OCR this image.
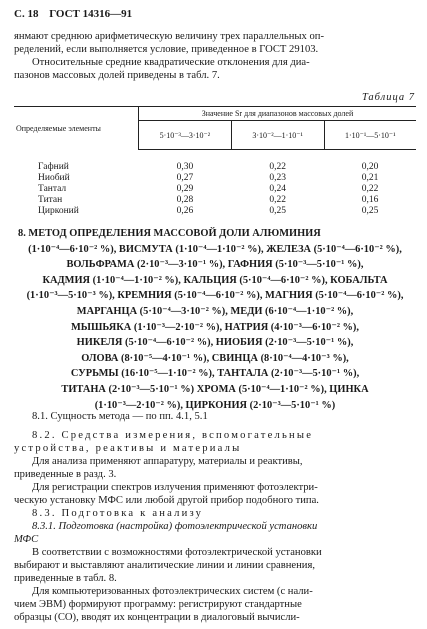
С. 18 ГОСТ 14316—91

янмают среднюю арифметическую величину трех параллельных оп-

ределений, если выполняется условие, приведенное в ГОСТ 29103.

Относительные средние квадратические отклонения для диа-

пазонов массовых долей приведены в табл. 7.

Таблица 7
Определяемые элементы	Значение Sr для диапазонов массовых долей		
	5·10⁻³—3·10⁻²	3·10⁻²—1·10⁻¹	1·10⁻¹—5·10⁻¹

Гафний	0,30	0,22	0,20
Ниобий	0,27	0,23	0,21
Тантал	0,29	0,24	0,22
Титан	0,28	0,22	0,16
Цирконий	0,26	0,25	0,25
8. МЕТОД ОПРЕДЕЛЕНИЯ МАССОВОЙ ДОЛИ АЛЮМИНИЯ
(1·10⁻⁴—6·10⁻² %), ВИСМУТА (1·10⁻⁴—1·10⁻² %), ЖЕЛЕЗА (5·10⁻⁴—6·10⁻² %),
ВОЛЬФРАМА (2·10⁻³—3·10⁻¹ %), ГАФНИЯ (5·10⁻³—5·10⁻¹ %),
КАДМИЯ (1·10⁻⁴—1·10⁻² %), КАЛЬЦИЯ (5·10⁻⁴—6·10⁻² %), КОБАЛЬТА
(1·10⁻³—5·10⁻³ %), КРЕМНИЯ (5·10⁻⁴—6·10⁻² %), МАГНИЯ (5·10⁻⁴—6·10⁻² %),
МАРГАНЦА (5·10⁻⁴—3·10⁻² %), МЕДИ (6·10⁻⁴—1·10⁻² %),
МЫШЬЯКА (1·10⁻³—2·10⁻² %), НАТРИЯ (4·10⁻³—6·10⁻² %),
НИКЕЛЯ (5·10⁻⁴—6·10⁻² %), НИОБИЯ (2·10⁻³—5·10⁻¹ %),
ОЛОВА (8·10⁻⁵—4·10⁻¹ %), СВИНЦА (8·10⁻⁴—4·10⁻³ %),
СУРЬМЫ (16·10⁻⁵—1·10⁻² %), ТАНТАЛА (2·10⁻³—5·10⁻¹ %),
ТИТАНА (2·10⁻³—5·10⁻¹ %) ХРОМА (5·10⁻⁴—1·10⁻² %), ЦИНКА
(1·10⁻³—2·10⁻² %), ЦИРКОНИЯ (2·10⁻³—5·10⁻¹ %)

8.1. Сущность метода — по пп. 4.1, 5.1

8.2. Средства измерения, вспомогательные

устройства, реактивы и материалы

Для анализа применяют аппаратуру, материалы и реактивы,

приведенные в разд. 3.

Для регистрации спектров излучения применяют фотоэлектри-

ческую установку МФС или любой другой прибор подобного типа.

8.3. Подготовка к анализу

8.3.1. Подготовка (настройка) фотоэлектрической установки

МФС

В соответствии с возможностями фотоэлектрической установки

выбирают и выставляют аналитические линии и линии сравнения,

приведенные в табл. 8.

Для компьютеризованных фотоэлектрических систем (с нали-

чием ЭВМ) формируют программу: регистрируют стандартные

образцы (СО), вводят их концентрации в диалоговый вычисли-
